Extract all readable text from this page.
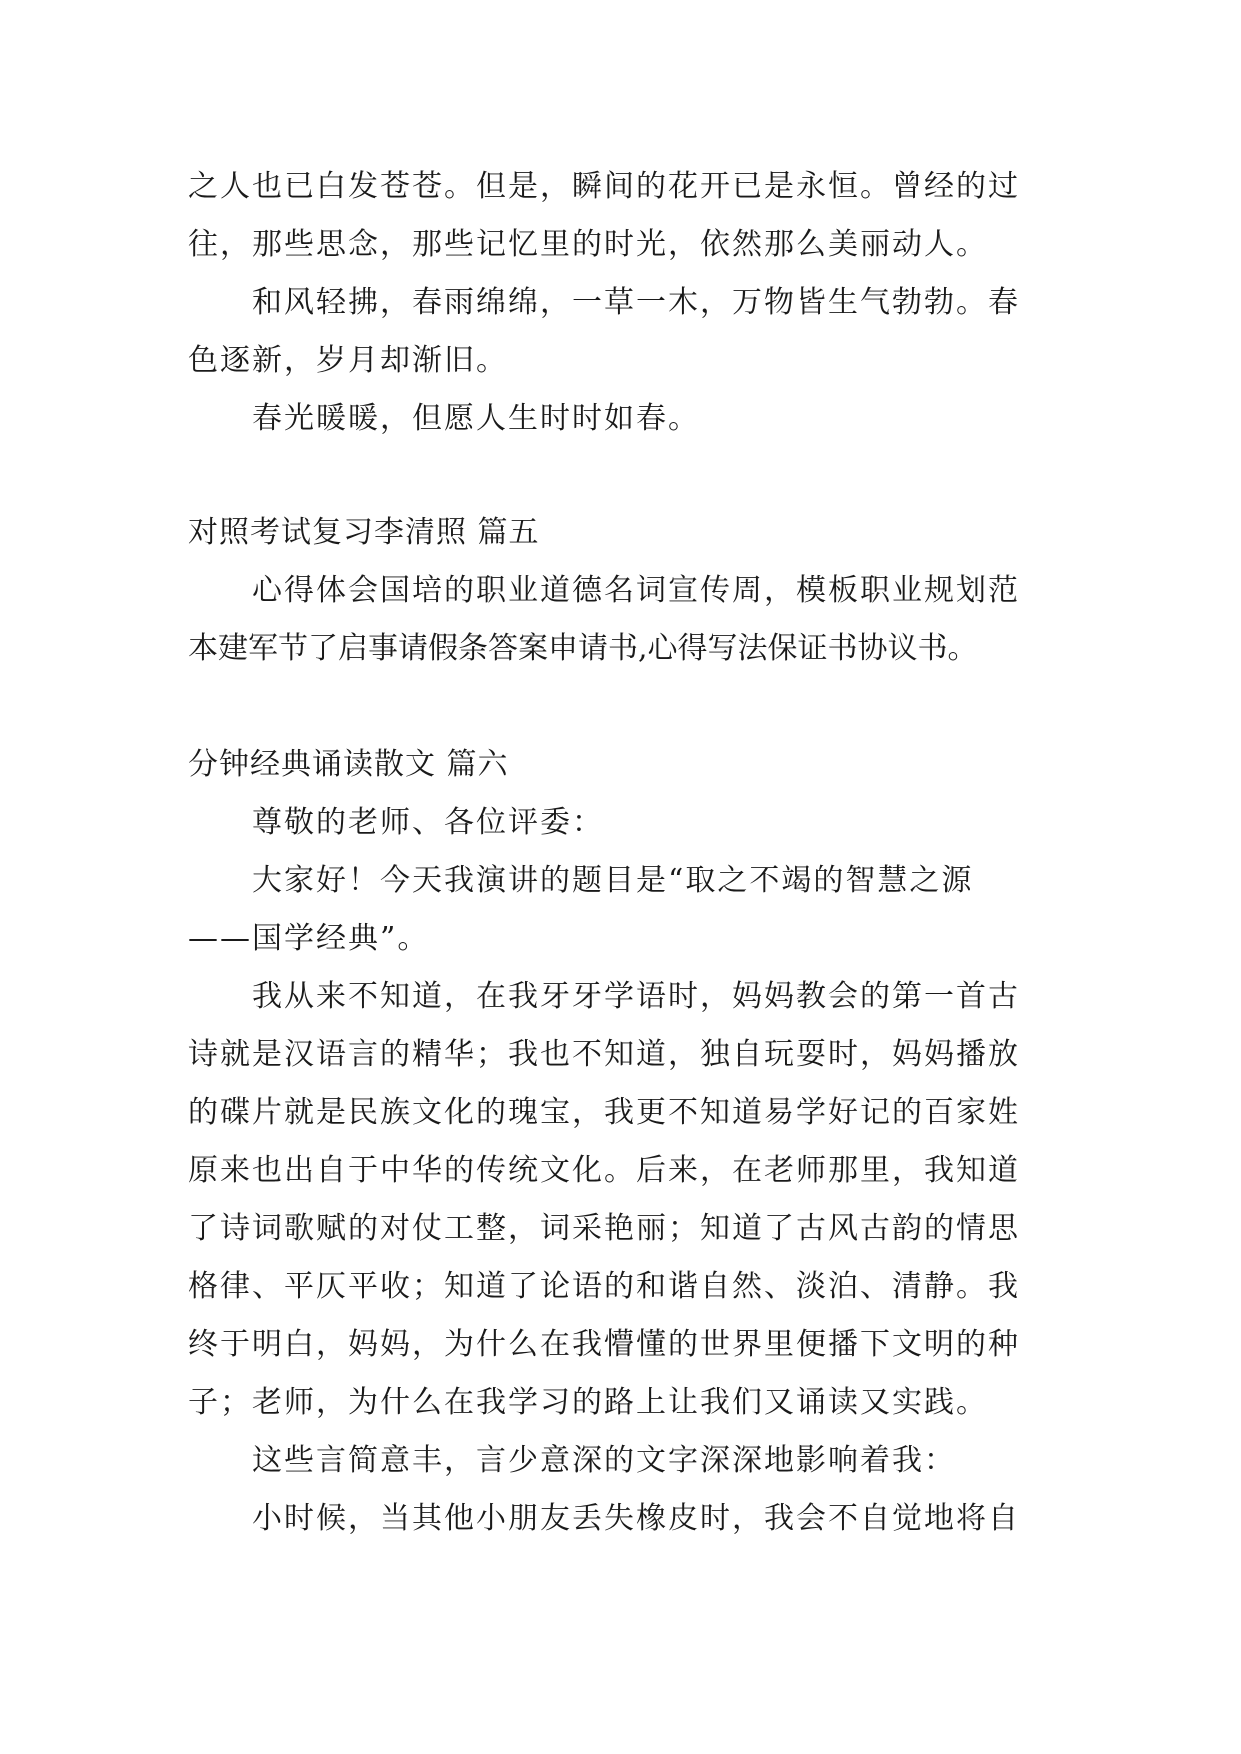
之人也已白发苍苍。但是，瞬间的花开已是永恒。曾经的过
往，那些思念，那些记忆里的时光，依然那么美丽动人。
和风轻拂，春雨绵绵，一草一木，万物皆生气勃勃。春
色逐新，岁月却渐旧。
春光暖暖，但愿人生时时如春。
对照考试复习李清照 篇五
心得体会国培的职业道德名词宣传周，模板职业规划范
本建军节了启事请假条答案申请书,心得写法保证书协议书。
分钟经典诵读散文 篇六
尊敬的老师、各位评委：
大家好！今天我演讲的题目是“取之不竭的智慧之源
——国学经典”。
我从来不知道，在我牙牙学语时，妈妈教会的第一首古
诗就是汉语言的精华；我也不知道，独自玩耍时，妈妈播放
的碟片就是民族文化的瑰宝，我更不知道易学好记的百家姓
原来也出自于中华的传统文化。后来，在老师那里，我知道
了诗词歌赋的对仗工整，词采艳丽；知道了古风古韵的情思
格律、平仄平收；知道了论语的和谐自然、淡泊、清静。我
终于明白，妈妈，为什么在我懵懂的世界里便播下文明的种
子；老师，为什么在我学习的路上让我们又诵读又实践。
这些言简意丰，言少意深的文字深深地影响着我：
小时候，当其他小朋友丢失橡皮时，我会不自觉地将自
